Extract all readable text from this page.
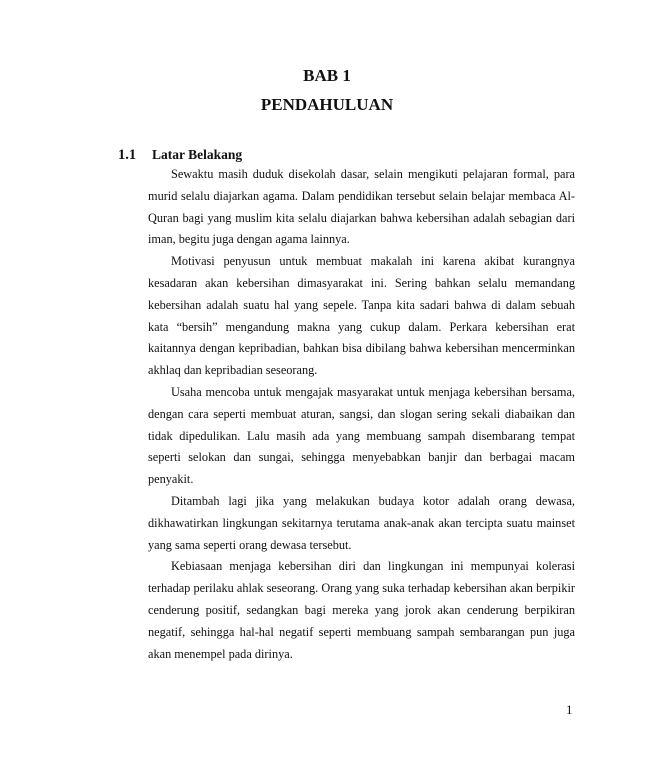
BAB 1
PENDAHULUAN
1.1 Latar Belakang

Sewaktu masih duduk disekolah dasar, selain mengikuti pelajaran formal, para murid selalu diajarkan agama. Dalam pendidikan tersebut selain belajar membaca Al-Quran bagi yang muslim kita selalu diajarkan bahwa kebersihan adalah sebagian dari iman, begitu juga dengan agama lainnya.

Motivasi penyusun untuk membuat makalah ini karena akibat kurangnya kesadaran akan kebersihan dimasyarakat ini. Sering bahkan selalu memandang kebersihan adalah suatu hal yang sepele. Tanpa kita sadari bahwa di dalam sebuah kata “bersih” mengandung makna yang cukup dalam. Perkara kebersihan erat kaitannya dengan kepribadian, bahkan bisa dibilang bahwa kebersihan mencerminkan akhlaq dan kepribadian seseorang.

Usaha mencoba untuk mengajak masyarakat untuk menjaga kebersihan bersama, dengan cara seperti membuat aturan, sangsi, dan slogan sering sekali diabaikan dan tidak dipedulikan. Lalu masih ada yang membuang sampah disembarang tempat seperti selokan dan sungai, sehingga menyebabkan banjir dan berbagai macam penyakit.

Ditambah lagi jika yang melakukan budaya kotor adalah orang dewasa, dikhawatirkan lingkungan sekitarnya terutama anak-anak akan tercipta suatu mainset yang sama seperti orang dewasa tersebut.

Kebiasaan menjaga kebersihan diri dan lingkungan ini mempunyai kolerasi terhadap perilaku ahlak seseorang. Orang yang suka terhadap kebersihan akan berpikir cenderung positif, sedangkan bagi mereka yang jorok akan cenderung berpikiran negatif, sehingga hal-hal negatif seperti membuang sampah sembarangan pun juga akan menempel pada dirinya.

1
